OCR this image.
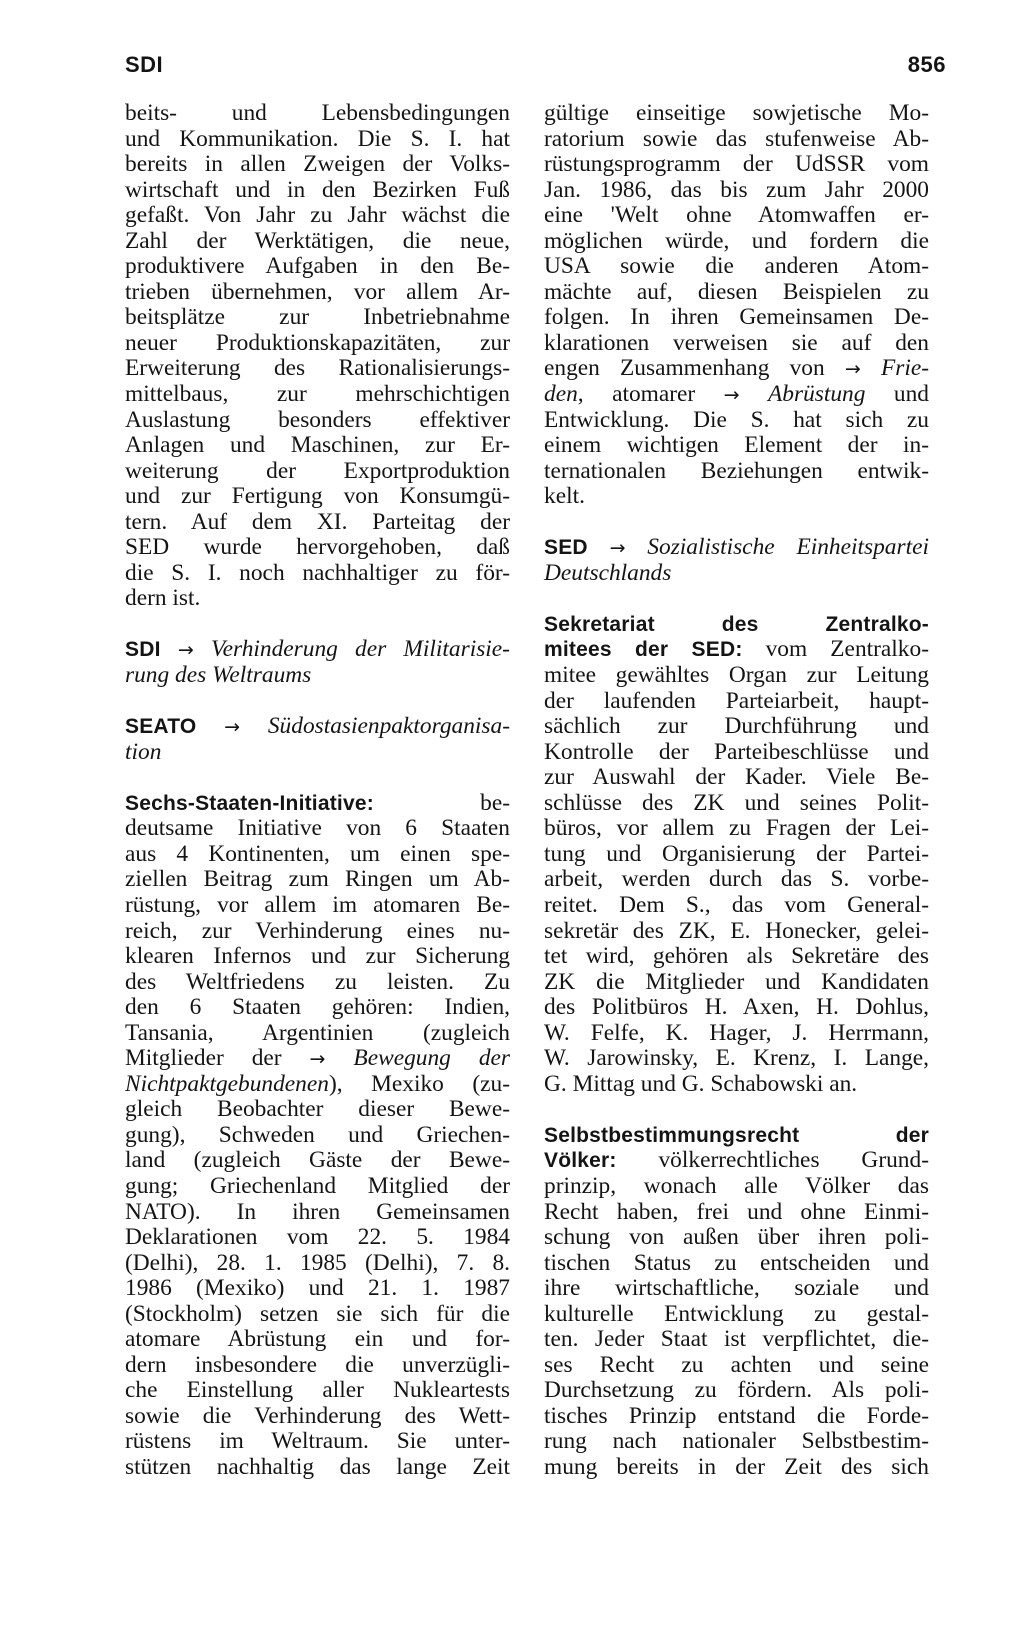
SDI	856
beits- und Lebensbedingungen
und Kommunikation. Die S. I. hat
bereits in allen Zweigen der Volks-
wirtschaft und in den Bezirken Fuß
gefaßt. Von Jahr zu Jahr wächst die
Zahl der Werktätigen, die neue,
produktivere Aufgaben in den Be-
trieben übernehmen, vor allem Ar-
beitsplätze zur Inbetriebnahme
neuer Produktionskapazitäten, zur
Erweiterung des Rationalisierungs-
mittelbaus, zur mehrschichtigen
Auslastung besonders effektiver
Anlagen und Maschinen, zur Er-
weiterung der Exportproduktion
und zur Fertigung von Konsumgü-
tern. Auf dem XI. Parteitag der
SED wurde hervorgehoben, daß
die S. I. noch nachhaltiger zu för-
dern ist.
SDI → Verhinderung der Militarisie-
rung des Weltraums
SEATO → Südostasienpaktorganisa-
tion
Sechs-Staaten-Initiative:	be-
deutsame Initiative von 6 Staaten
aus 4 Kontinenten, um einen spe-
ziellen Beitrag zum Ringen um Ab-
rüstung, vor allem im atomaren Be-
reich, zur Verhinderung eines nu-
klearen Infernos und zur Sicherung
des Weltfriedens zu leisten. Zu
den 6 Staaten gehören: Indien,
Tansania, Argentinien (zugleich
Mitglieder der → Bewegung der
Nichtpaktgebundenen), Mexiko (zu-
gleich Beobachter dieser Bewe-
gung), Schweden und Griechen-
land (zugleich Gäste der Bewe-
gung; Griechenland Mitglied der
NATO). In ihren Gemeinsamen
Deklarationen vom 22. 5. 1984
(Delhi), 28. 1. 1985 (Delhi), 7. 8.
1986 (Mexiko) und 21. 1. 1987
(Stockholm) setzen sie sich für die
atomare Abrüstung ein und for-
dern insbesondere die unverzügli-
che Einstellung aller Nukleartests
sowie die Verhinderung des Wett-
rüstens im Weltraum. Sie unter-
stützen nachhaltig das lange Zeit
gültige einseitige sowjetische Mo-
ratorium sowie das stufenweise Ab-
rüstungsprogramm der UdSSR vom
Jan. 1986, das bis zum Jahr 2000
eine 'Welt ohne Atomwaffen er-
möglichen würde, und fordern die
USA sowie die anderen Atom-
mächte auf, diesen Beispielen zu
folgen. In ihren Gemeinsamen De-
klarationen verweisen sie auf den
engen Zusammenhang von → Frie-
den, atomarer → Abrüstung und
Entwicklung. Die S. hat sich zu
einem wichtigen Element der in-
ternationalen Beziehungen entwik-
kelt.
SED → Sozialistische Einheitspartei
Deutschlands
Sekretariat des Zentralko-
mitees der SED: vom Zentralko-
mitee gewähltes Organ zur Leitung
der laufenden Parteiarbeit, haupt-
sächlich zur Durchführung und
Kontrolle der Parteibeschlüsse und
zur Auswahl der Kader. Viele Be-
schlüsse des ZK und seines Polit-
büros, vor allem zu Fragen der Lei-
tung und Organisierung der Partei-
arbeit, werden durch das S. vorbe-
reitet. Dem S., das vom General-
sekretär des ZK, E. Honecker, gelei-
tet wird, gehören als Sekretäre des
ZK die Mitglieder und Kandidaten
des Politbüros H. Axen, H. Dohlus,
W. Felfe, K. Hager, J. Herrmann,
W. Jarowinsky, E. Krenz, I. Lange,
G. Mittag und G. Schabowski an.
Selbstbestimmungsrecht der
Völker: völkerrechtliches Grund-
prinzip, wonach alle Völker das
Recht haben, frei und ohne Einmi-
schung von außen über ihren poli-
tischen Status zu entscheiden und
ihre wirtschaftliche, soziale und
kulturelle Entwicklung zu gestal-
ten. Jeder Staat ist verpflichtet, die-
ses Recht zu achten und seine
Durchsetzung zu fördern. Als poli-
tisches Prinzip entstand die Forde-
rung nach nationaler Selbstbestim-
mung bereits in der Zeit des sich
